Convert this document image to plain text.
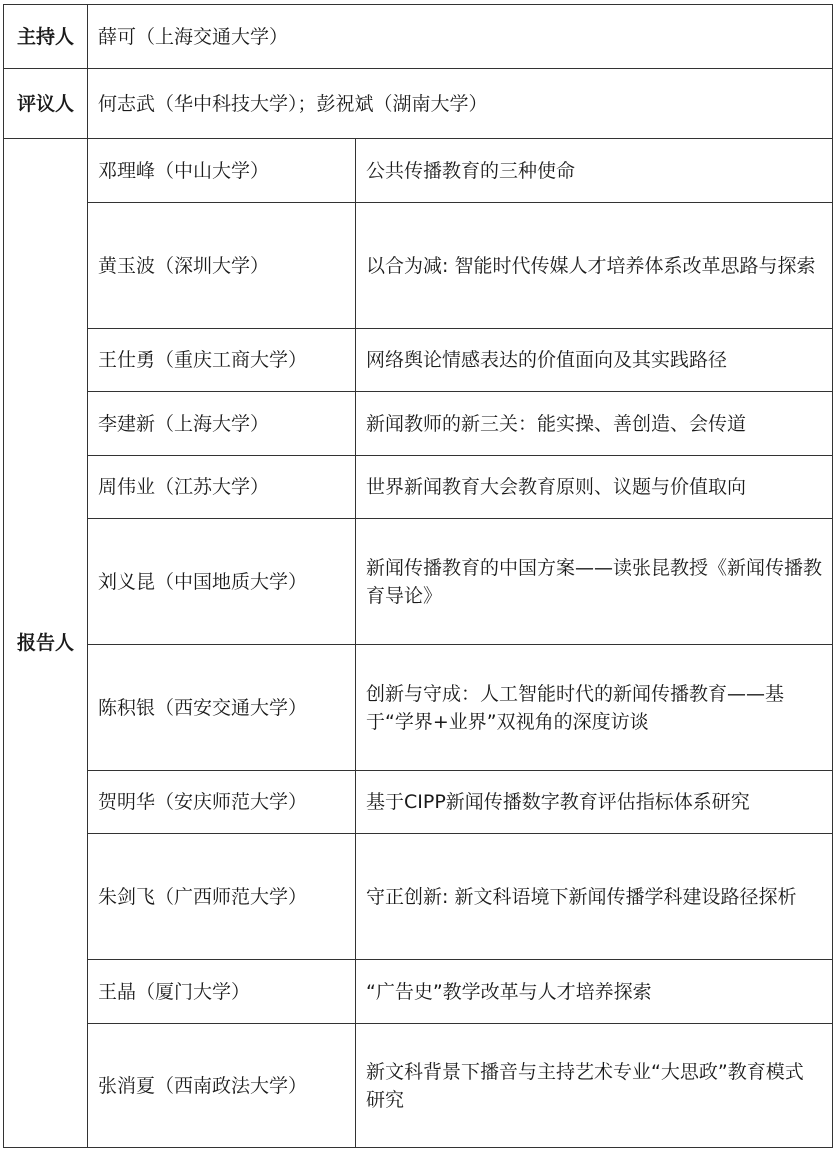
主持人	薛可（上海交通大学）	
评议人	何志武（华中科技大学）；彭祝斌（湖南大学）	
报告人	邓理峰（中山大学）	公共传播教育的三种使命
	黄玉波（深圳大学）	以合为减: 智能时代传媒人才培养体系改革思路与探索
	王仕勇（重庆工商大学）	网络舆论情感表达的价值面向及其实践路径
	李建新（上海大学）	新闻教师的新三关：能实操、善创造、会传道
	周伟业（江苏大学）	世界新闻教育大会教育原则、议题与价值取向
	刘义昆（中国地质大学）	新闻传播教育的中国方案——读张昆教授《新闻传播教育导论》
	陈积银（西安交通大学）	创新与守成：人工智能时代的新闻传播教育——基于“学界+业界”双视角的深度访谈
	贺明华（安庆师范大学）	基于CIPP新闻传播数字教育评估指标体系研究
	朱剑飞（广西师范大学）	守正创新: 新文科语境下新闻传播学科建设路径探析
	王晶（厦门大学）	“广告史”教学改革与人才培养探索
	张消夏（西南政法大学）	新文科背景下播音与主持艺术专业“大思政”教育模式研究
